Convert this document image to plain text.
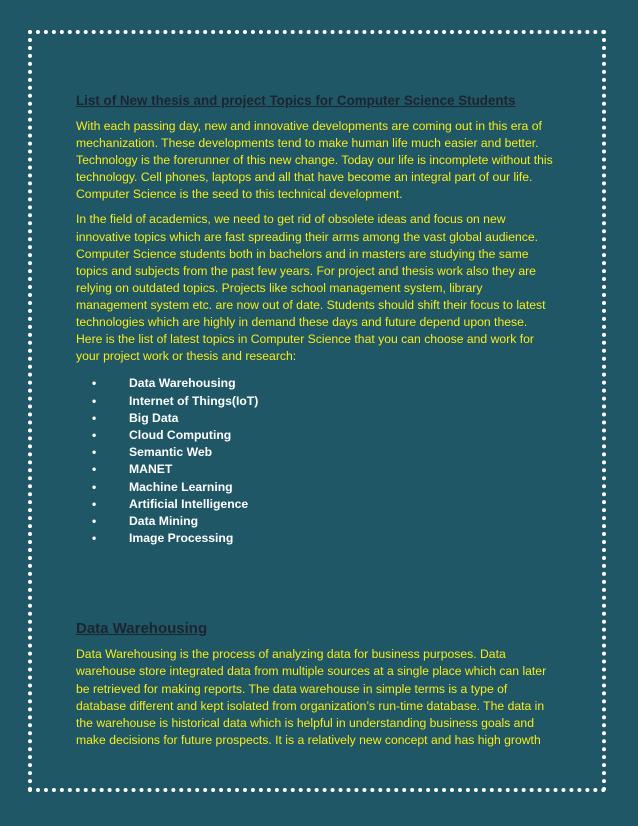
List of New thesis and project Topics for Computer Science Students

With each passing day, new and innovative developments are coming out in this era of mechanization. These developments tend to make human life much easier and better. Technology is the forerunner of this new change. Today our life is incomplete without this technology. Cell phones, laptops and all that have become an integral part of our life. Computer Science is the seed to this technical development.

In the field of academics, we need to get rid of obsolete ideas and focus on new innovative topics which are fast spreading their arms among the vast global audience. Computer Science students both in bachelors and in masters are studying the same topics and subjects from the past few years. For project and thesis work also they are relying on outdated topics. Projects like school management system, library management system etc. are now out of date. Students should shift their focus to latest technologies which are highly in demand these days and future depend upon these. Here is the list of latest topics in Computer Science that you can choose and work for your project work or thesis and research:

•	Data Warehousing
•	Internet of Things(IoT)
•	Big Data
•	Cloud Computing
•	Semantic Web
•	MANET
•	Machine Learning
•	Artificial Intelligence
•	Data Mining
•	Image Processing
Data Warehousing

Data Warehousing is the process of analyzing data for business purposes. Data warehouse store integrated data from multiple sources at a single place which can later be retrieved for making reports. The data warehouse in simple terms is a type of database different and kept isolated from organization’s run-time database. The data in the warehouse is historical data which is helpful in understanding business goals and make decisions for future prospects. It is a relatively new concept and has high growth
